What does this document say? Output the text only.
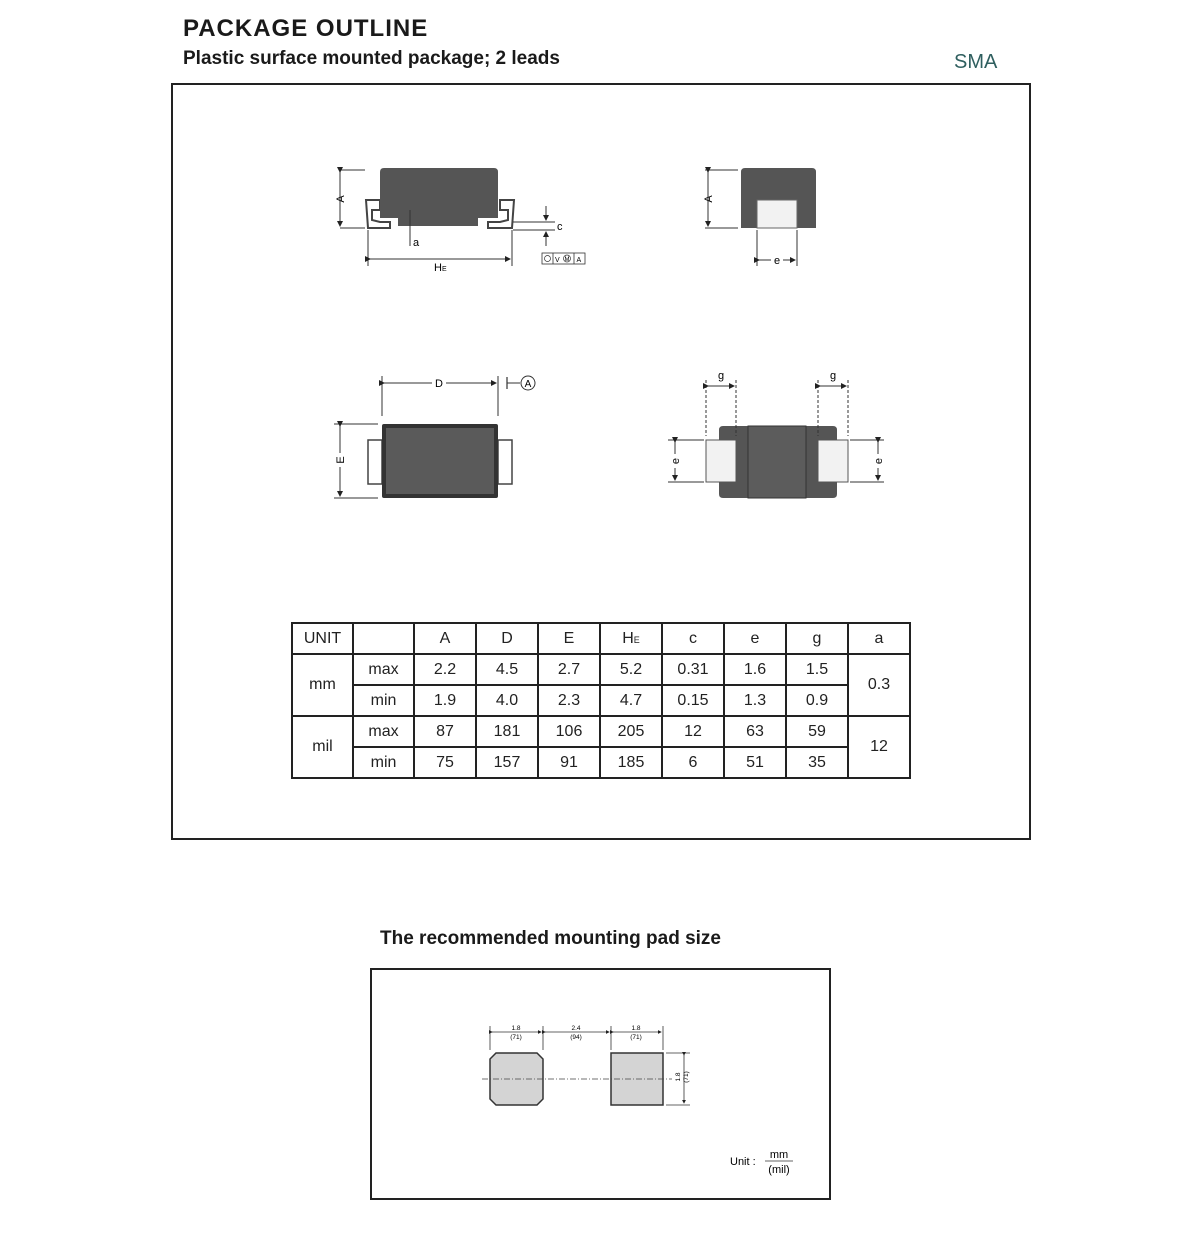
PACKAGE OUTLINE
Plastic surface mounted package; 2 leads	SMA
A
a
c
HE
V M A
A
e
D	A
E
g	g
e	e
UNIT		A	D	E	HE	c	e	g	a
mm	max	2.2	4.5	2.7	5.2	0.31	1.6	1.5	0.3
	min	1.9	4.0	2.3	4.7	0.15	1.3	0.9	
mil	max	87	181	106	205	12	63	59	12
	min	75	157	91	185	6	51	35	
The recommended mounting pad size
1.8
(71)
2.4
(94)
1.8
(71)
1.8 (71)
Unit :
mm
(mil)
